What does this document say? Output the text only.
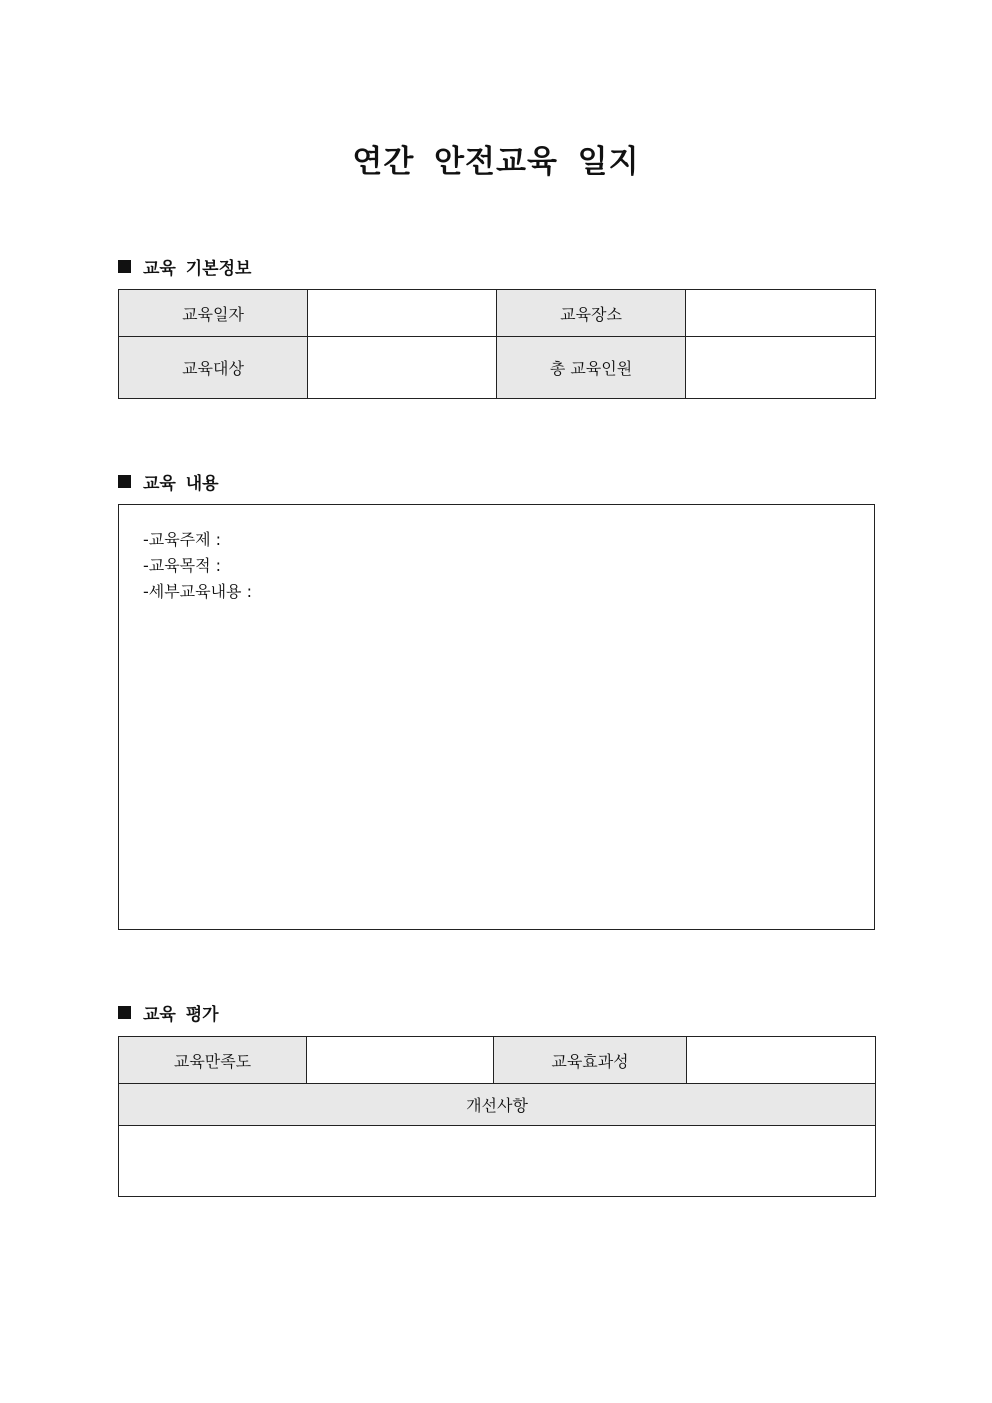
연간 안전교육 일지
교육 기본정보
교육일자		교육장소	
교육대상		총 교육인원	
교육 내용
-교육주제 :
-교육목적 :
-세부교육내용 :
교육 평가
교육만족도		교육효과성	
개선사항
